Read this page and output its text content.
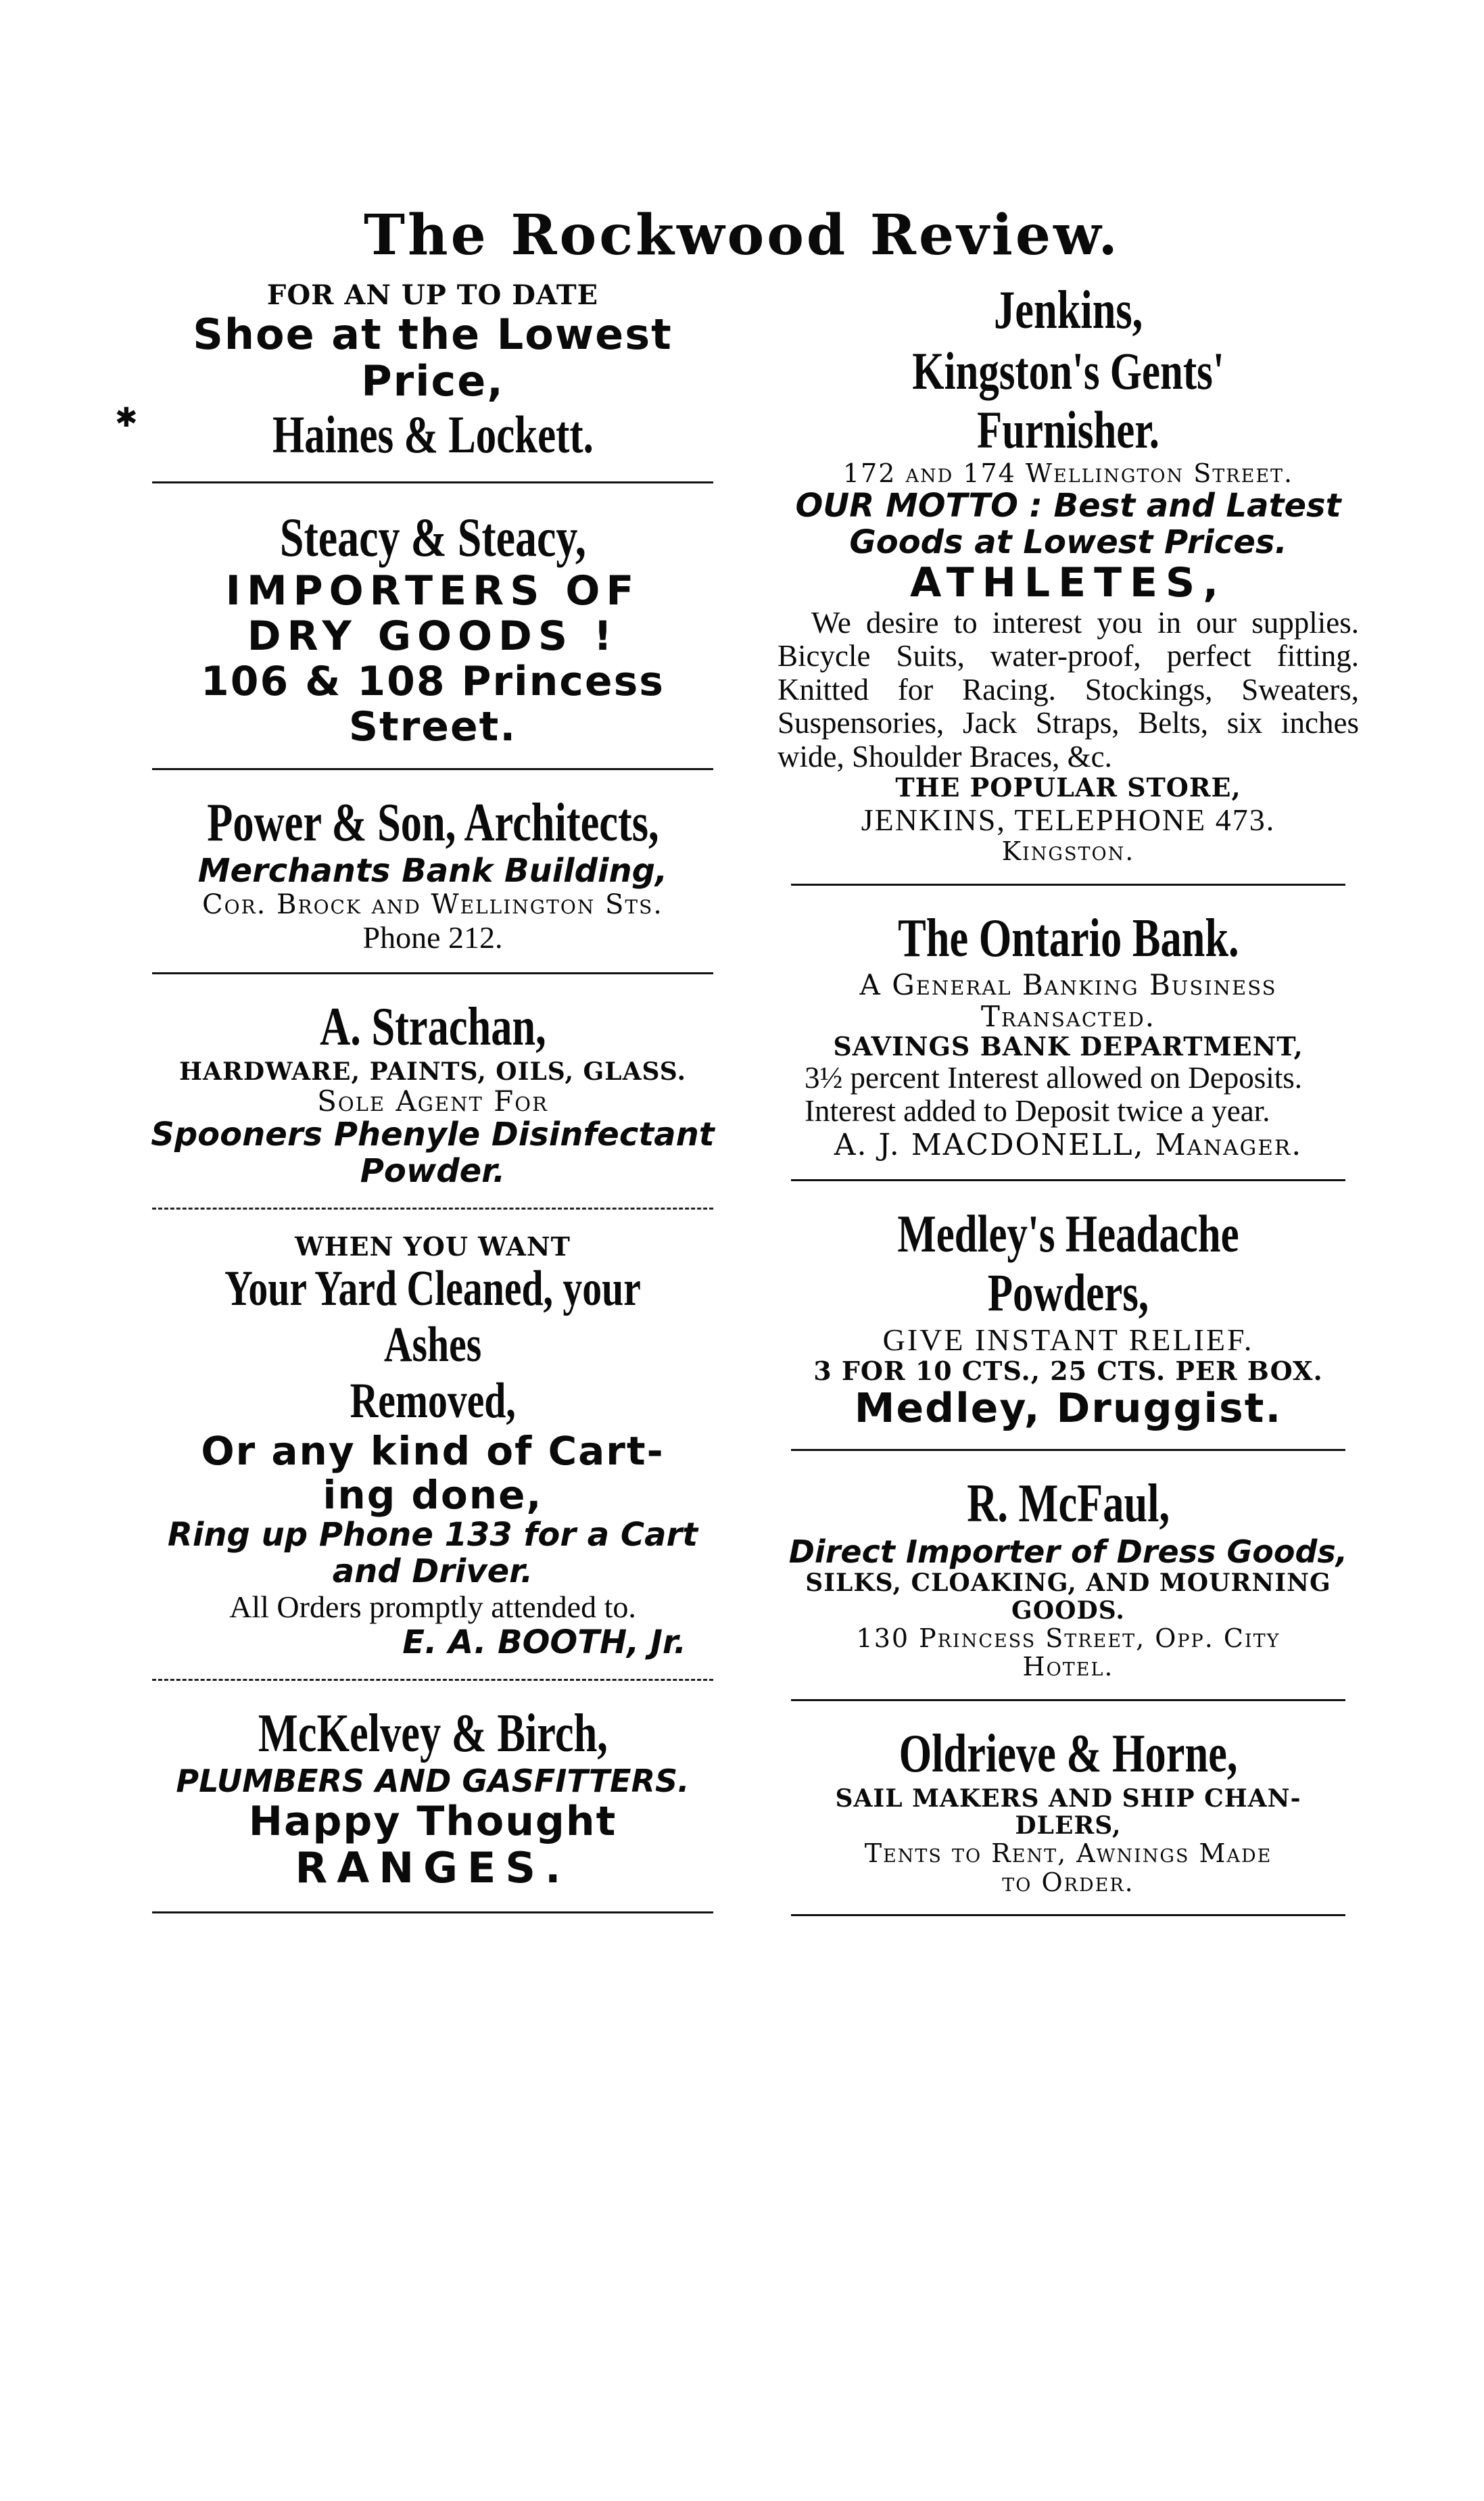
The Rockwood Review.
✱

FOR AN UP TO DATE

Shoe at the Lowest

Price,

Haines & Lockett.

Steacy & Steacy,

IMPORTERS OF

DRY GOODS !

106 & 108 Princess

Street.

Power & Son, Architects,

Merchants Bank Building,

Cor. Brock and Wellington Sts.

Phone 212.

A. Strachan,

HARDWARE, PAINTS, OILS, GLASS.

Sole Agent For

Spooners Phenyle Disinfectant

Powder.

WHEN YOU WANT

Your Yard Cleaned, your Ashes

Removed,

Or any kind of Cart-

ing done,

Ring up Phone 133 for a Cart

and Driver.

All Orders promptly attended to.

E. A. BOOTH, Jr.

McKelvey & Birch,

PLUMBERS AND GASFITTERS.

Happy Thought

RANGES.

Jenkins,

Kingston's Gents' Furnisher.

172 and 174 Wellington Street.

OUR MOTTO : Best and Latest

Goods at Lowest Prices.

ATHLETES,

We desire to interest you in our supplies. Bicycle Suits, water-proof, perfect fitting. Knitted for Racing. Stockings, Sweaters, Suspensories, Jack Straps, Belts, six inches wide, Shoulder Braces, &c.

THE POPULAR STORE,

JENKINS, TELEPHONE 473.

Kingston.

The Ontario Bank.

A General Banking Business

Transacted.

SAVINGS BANK DEPARTMENT,

3½ percent Interest allowed on Deposits.

Interest added to Deposit twice a year.

A. J. MACDONELL, Manager.

Medley's Headache Powders,

GIVE INSTANT RELIEF.

3 FOR 10 CTS., 25 CTS. PER BOX.

Medley, Druggist.

R. McFaul,

Direct Importer of Dress Goods,

SILKS, CLOAKING, AND MOURNING

GOODS.

130 Princess Street, Opp. City

Hotel.

Oldrieve & Horne,

SAIL MAKERS AND SHIP CHAN-

DLERS,

Tents to Rent, Awnings Made

to Order.
